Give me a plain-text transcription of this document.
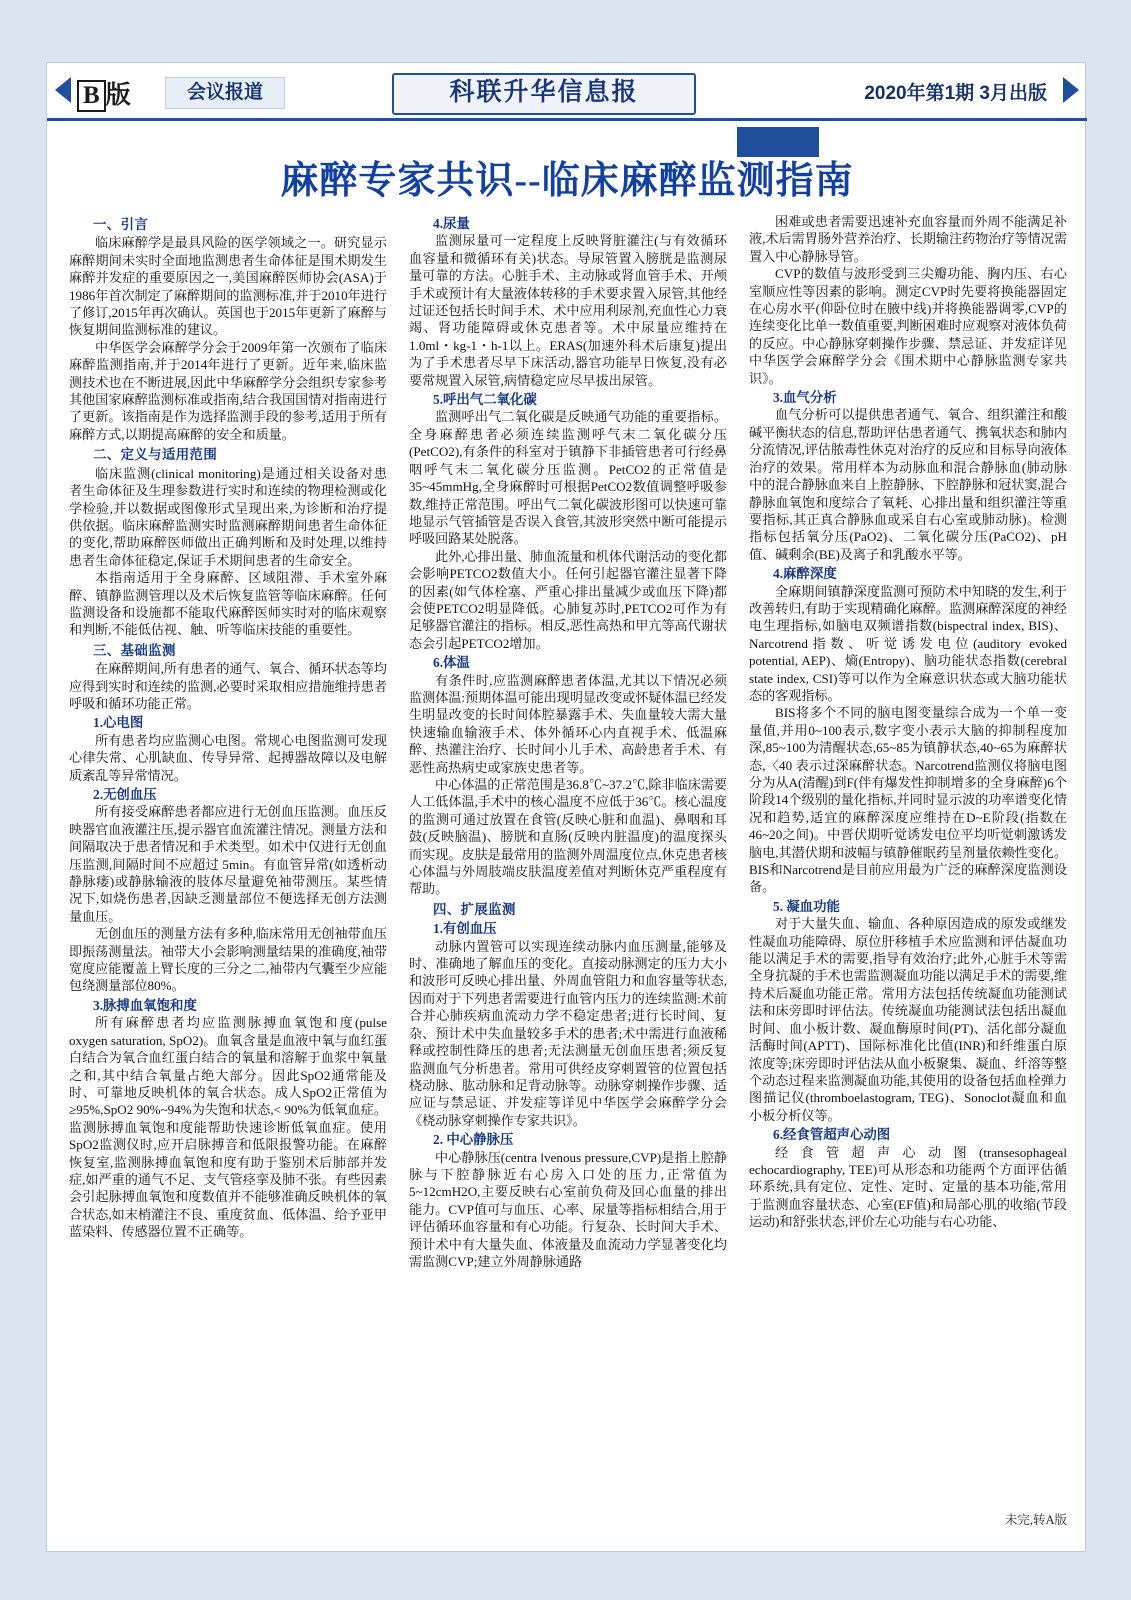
B 版	会议报道	科联升华信息报	2020年第1期 3月出版
麻醉专家共识--临床麻醉监测指南
一、引言

临床麻醉学是最具风险的医学领域之一。研究显示麻醉期间未实时全面地监测患者生命体征是围术期发生麻醉并发症的重要原因之一,美国麻醉医师协会(ASA)于1986年首次制定了麻醉期间的监测标准,并于2010年进行了修订,2015年再次确认。英国也于2015年更新了麻醉与恢复期间监测标准的建议。

中华医学会麻醉学分会于2009年第一次颁布了临床麻醉监测指南,并于2014年进行了更新。近年来,临床监测技术也在不断进展,因此中华麻醉学分会组织专家参考其他国家麻醉监测标准或指南,结合我国国情对指南进行了更新。该指南是作为选择监测手段的参考,适用于所有麻醉方式,以期提高麻醉的安全和质量。

二、定义与适用范围

临床监测(clinical monitoring)是通过相关设备对患者生命体征及生理参数进行实时和连续的物理检测或化学检验,并以数据或图像形式呈现出来,为诊断和治疗提供依据。临床麻醉监测实时监测麻醉期间患者生命体征的变化,帮助麻醉医师做出正确判断和及时处理,以维持患者生命体征稳定,保证手术期间患者的生命安全。

本指南适用于全身麻醉、区域阻滞、手术室外麻醉、镇静监测管理以及术后恢复监管等临床麻醉。任何监测设备和设施都不能取代麻醉医师实时对的临床观察和判断,不能低估视、触、听等临床技能的重要性。

三、基础监测

在麻醉期间,所有患者的通气、氧合、循环状态等均应得到实时和连续的监测,必要时采取相应措施维持患者呼吸和循环功能正常。

1.心电图

所有患者均应监测心电图。常规心电图监测可发现心律失常、心肌缺血、传导异常、起搏器故障以及电解质紊乱等异常情况。

2.无创血压

所有接受麻醉患者都应进行无创血压监测。血压反映器官血液灌注压,提示器官血流灌注情况。测量方法和间隔取决于患者情况和手术类型。如术中仅进行无创血压监测,间隔时间不应超过 5min。有血管异常(如透析动静脉瘘)或静脉输液的肢体尽量避免袖带测压。某些情况下,如烧伤患者,因缺乏测量部位不便选择无创方法测量血压。

无创血压的测量方法有多种,临床常用无创袖带血压即振荡测量法。袖带大小会影响测量结果的准确度,袖带宽度应能覆盖上臂长度的三分之二,袖带内气囊至少应能包绕测量部位80%。

3.脉搏血氧饱和度

所有麻醉患者均应监测脉搏血氧饱和度(pulse oxygen saturation, SpO2)。血氧含量是血液中氧与血红蛋白结合为氧合血红蛋白结合的氧量和溶解于血浆中氧量之和,其中结合氧量占绝大部分。因此SpO2通常能及时、可靠地反映机体的氧合状态。成人SpO2正常值为≥95%,SpO2 90%~94%为失饱和状态,< 90%为低氧血症。监测脉搏血氧饱和度能帮助快速诊断低氧血症。使用SpO2监测仪时,应开启脉搏音和低限报警功能。在麻醉恢复室,监测脉搏血氧饱和度有助于鉴别术后肺部并发症,如严重的通气不足、支气管痉挛及肺不张。有些因素会引起脉搏血氧饱和度数值并不能够准确反映机体的氧合状态,如末梢灌注不良、重度贫血、低体温、给予亚甲蓝染料、传感器位置不正确等。

4.尿量

监测尿量可一定程度上反映肾脏灌注(与有效循环血容量和微循环有关)状态。导尿管置入膀胱是监测尿量可靠的方法。心脏手术、主动脉或肾血管手术、开颅手术或预计有大量液体转移的手术要求置入尿管,其他经过证还包括长时间手术、术中应用利尿剂,充血性心力衰竭、肾功能障碍或休克患者等。术中尿量应维持在1.0ml・kg-1・h-1以上。ERAS(加速外科术后康复)提出为了手术患者尽早下床活动,器官功能早日恢复,没有必要常规置入尿管,病情稳定应尽早拔出尿管。

5.呼出气二氧化碳

监测呼出气二氧化碳是反映通气功能的重要指标。全身麻醉患者必须连续监测呼气末二氧化碳分压(PetCO2),有条件的科室对于镇静下非插管患者可行经鼻咽呼气末二氧化碳分压监测。PetCO2的正常值是35~45mmHg,全身麻醉时可根据PetCO2数值调整呼吸参数,维持正常范围。呼出气二氧化碳波形图可以快速可靠地显示气管插管是否误入食管,其波形突然中断可能提示呼吸回路某处脱落。

此外,心排出量、肺血流量和机体代谢活动的变化都会影响PETCO2数值大小。任何引起器官灌注显著下降的因素(如气体栓塞、严重心排出量减少或血压下降)都会使PETCO2明显降低。心肺复苏时,PETCO2可作为有足够器官灌注的指标。相反,恶性高热和甲亢等高代谢状态会引起PETCO2增加。

6.体温

有条件时,应监测麻醉患者体温,尤其以下情况必须监测体温:预期体温可能出现明显改变或怀疑体温已经发生明显改变的长时间体腔暴露手术、失血量较大需大量快速输血输液手术、体外循环心内直视手术、低温麻醉、热灌注治疗、长时间小儿手术、高龄患者手术、有恶性高热病史或家族史患者等。

中心体温的正常范围是36.8℃~37.2℃,除非临床需要人工低体温,手术中的核心温度不应低于36℃。核心温度的监测可通过放置在食管(反映心脏和血温)、鼻咽和耳鼓(反映脑温)、膀胱和直肠(反映内脏温度)的温度探头而实现。皮肤是最常用的监测外周温度位点,休克患者核心体温与外周肢端皮肤温度差值对判断休克严重程度有帮助。

四、扩展监测
1.有创血压

动脉内置管可以实现连续动脉内血压测量,能够及时、准确地了解血压的变化。直接动脉测定的压力大小和波形可反映心排出量、外周血管阻力和血容量等状态,因而对于下列患者需要进行血管内压力的连续监测:术前合并心肺疾病血流动力学不稳定患者;进行长时间、复杂、预计术中失血量较多手术的患者;术中需进行血液稀释或控制性降压的患者;无法测量无创血压患者;须反复监测血气分析患者。常用可供经皮穿刺置管的位置包括桡动脉、肱动脉和足背动脉等。动脉穿刺操作步骤、适应证与禁忌证、并发症等详见中华医学会麻醉学分会《桡动脉穿刺操作专家共识》。

2. 中心静脉压

中心静脉压(centra lvenous pressure,CVP)是指上腔静脉与下腔静脉近右心房入口处的压力,正常值为5~12cmH2O,主要反映右心室前负荷及回心血量的排出能力。CVP值可与血压、心率、尿量等指标相结合,用于评估循环血容量和有心功能。行复杂、长时间大手术、预计术中有大量失血、体液量及血流动力学显著变化均需监测CVP;建立外周静脉通路

困难或患者需要迅速补充血容量而外周不能满足补液,术后需胃肠外营养治疗、长期输注药物治疗等情况需置入中心静脉导管。

CVP的数值与波形受到三尖瓣功能、胸内压、右心室顺应性等因素的影响。测定CVP时先要将换能器固定在心房水平(仰卧位时在腋中线)并将换能器调零,CVP的连续变化比单一数值重要,判断困难时应观察对液体负荷的反应。中心静脉穿刺操作步骤、禁忌证、并发症详见中华医学会麻醉学分会《围术期中心静脉监测专家共识》。

3.血气分析

血气分析可以提供患者通气、氧合、组织灌注和酸碱平衡状态的信息,帮助评估患者通气、携氧状态和肺内分流情况,评估脓毒性休克对治疗的反应和目标导向液体治疗的效果。常用样本为动脉血和混合静脉血(肺动脉中的混合静脉血来自上腔静脉、下腔静脉和冠状窦,混合静脉血氧饱和度综合了氧耗、心排出量和组织灌注等重要指标,其正真合静脉血或采自右心室或肺动脉)。检测指标包括氧分压(PaO2)、二氧化碳分压(PaCO2)、pH值、碱剩余(BE)及离子和乳酸水平等。

4.麻醉深度

全麻期间镇静深度监测可预防术中知晓的发生,利于改善转归,有助于实现精确化麻醉。监测麻醉深度的神经电生理指标,如脑电双频谱指数(bispectral index, BIS)、Narcotrend指数、听觉诱发电位(auditory evoked potential, AEP)、熵(Entropy)、脑功能状态指数(cerebral state index, CSI)等可以作为全麻意识状态或大脑功能状态的客观指标。

BIS将多个不同的脑电图变量综合成为一个单一变量值,并用0~100表示,数字变小表示大脑的抑制程度加深,85~100为清醒状态,65~85为镇静状态,40~65为麻醉状态,〈40 表示过深麻醉状态。Narcotrend监测仪将脑电图分为从A(清醒)到F(伴有爆发性抑制增多的全身麻醉)6个阶段14个级别的量化指标,并同时显示波的功率谱变化情况和趋势,适宜的麻醉深度应维持在D~E阶段(指数在46~20之间)。中晋伏期听觉诱发电位平均听觉刺激诱发脑电,其潜伏期和波幅与镇静催眠药呈剂量依赖性变化。BIS和Narcotrend是目前应用最为广泛的麻醉深度监测设备。

5. 凝血功能

对于大量失血、输血、各种原因造成的原发或继发性凝血功能障碍、原位肝移植手术应监测和评估凝血功能以满足手术的需要,指导有效治疗;此外,心脏手术等需全身抗凝的手术也需监测凝血功能以满足手术的需要,维持术后凝血功能正常。常用方法包括传统凝血功能测试法和床旁即时评估法。传统凝血功能测试法包括出凝血时间、血小板计数、凝血酶原时间(PT)、活化部分凝血活酶时间(APTT)、国际标准化比值(INR)和纤维蛋白原浓度等;床旁即时评估法从血小板聚集、凝血、纤溶等整个动态过程来监测凝血功能,其使用的设备包括血栓弹力图描记仪(thromboelastogram, TEG)、Sonoclot凝血和血小板分析仪等。

6.经食管超声心动图

经食管超声心动图(transesophageal echocardiography, TEE)可从形态和功能两个方面评估循环系统,具有定位、定性、定时、定量的基本功能,常用于监测血容量状态、心室(EF值)和局部心肌的收缩(节段运动)和舒张状态,评价左心功能与右心功能、

未完,转A版
